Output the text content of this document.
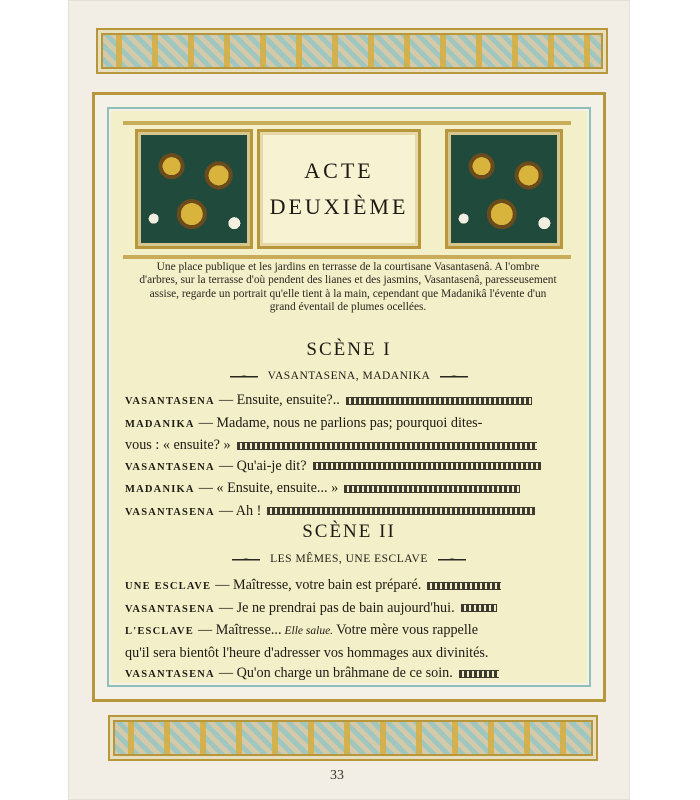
ACTE
DEUXIÈME
Une place publique et les jardins en terrasse de la courtisane Vasantasenâ. A l'ombre d'arbres, sur la terrasse d'où pendent des lianes et des jasmins, Vasantasenâ, paresseusement assise, regarde un portrait qu'elle tient à la main, cependant que Madanikâ l'évente d'un grand éventail de plumes ocellées.
SCÈNE I
VASANTASENA, MADANIKA
VASANTASENA — Ensuite, ensuite?..
MADANIKA — Madame, nous ne parlions pas; pourquoi dites-
vous : « ensuite? »
VASANTASENA — Qu'ai-je dit?
MADANIKA — « Ensuite, ensuite... »
VASANTASENA — Ah !
SCÈNE II
LES MÊMES, UNE ESCLAVE
UNE ESCLAVE — Maîtresse, votre bain est préparé.
VASANTASENA — Je ne prendrai pas de bain aujourd'hui.
L'ESCLAVE — Maîtresse... Elle salue. Votre mère vous rappelle
qu'il sera bientôt l'heure d'adresser vos hommages aux divinités.
VASANTASENA — Qu'on charge un brâhmane de ce soin.
33
